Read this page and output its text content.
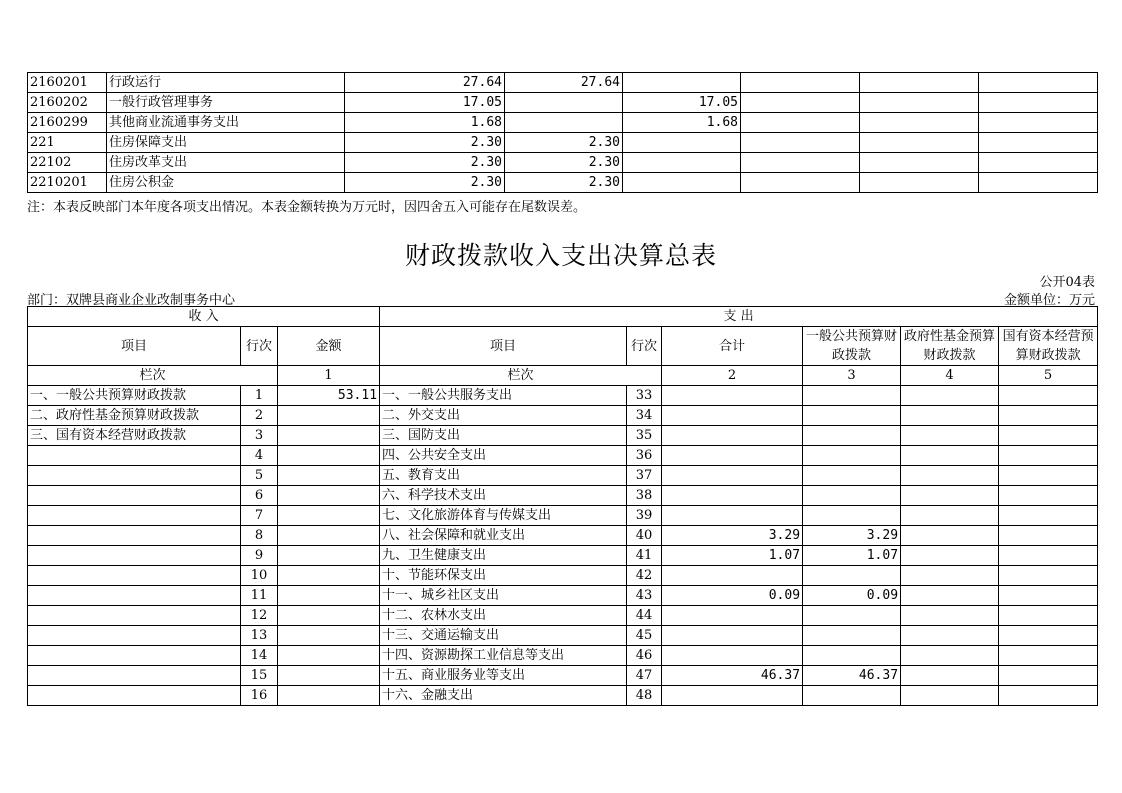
2160201	行政运行	27.64	27.64				
2160202	一般行政管理事务	17.05		17.05			
2160299	其他商业流通事务支出	1.68		1.68			
221	住房保障支出	2.30	2.30				
22102	住房改革支出	2.30	2.30				
2210201	住房公积金	2.30	2.30				
注：本表反映部门本年度各项支出情况。本表金额转换为万元时，因四舍五入可能存在尾数误差。
财政拨款收入支出决算总表
公开04表
部门：双牌县商业企业改制事务中心	金额单位：万元
收 入			支 出					
项目	行次	金额	项目	行次	合计	一般公共预算财政拨款	政府性基金预算财政拨款	国有资本经营预算财政拨款
栏次		1	栏次		2	3	4	5
一、一般公共预算财政拨款	1	53.11	一、一般公共服务支出	33				
二、政府性基金预算财政拨款	2		二、外交支出	34				
三、国有资本经营财政拨款	3		三、国防支出	35				
	4		四、公共安全支出	36				
	5		五、教育支出	37				
	6		六、科学技术支出	38				
	7		七、文化旅游体育与传媒支出	39				
	8		八、社会保障和就业支出	40	3.29	3.29		
	9		九、卫生健康支出	41	1.07	1.07		
	10		十、节能环保支出	42				
	11		十一、城乡社区支出	43	0.09	0.09		
	12		十二、农林水支出	44				
	13		十三、交通运输支出	45				
	14		十四、资源勘探工业信息等支出	46				
	15		十五、商业服务业等支出	47	46.37	46.37		
	16		十六、金融支出	48				
